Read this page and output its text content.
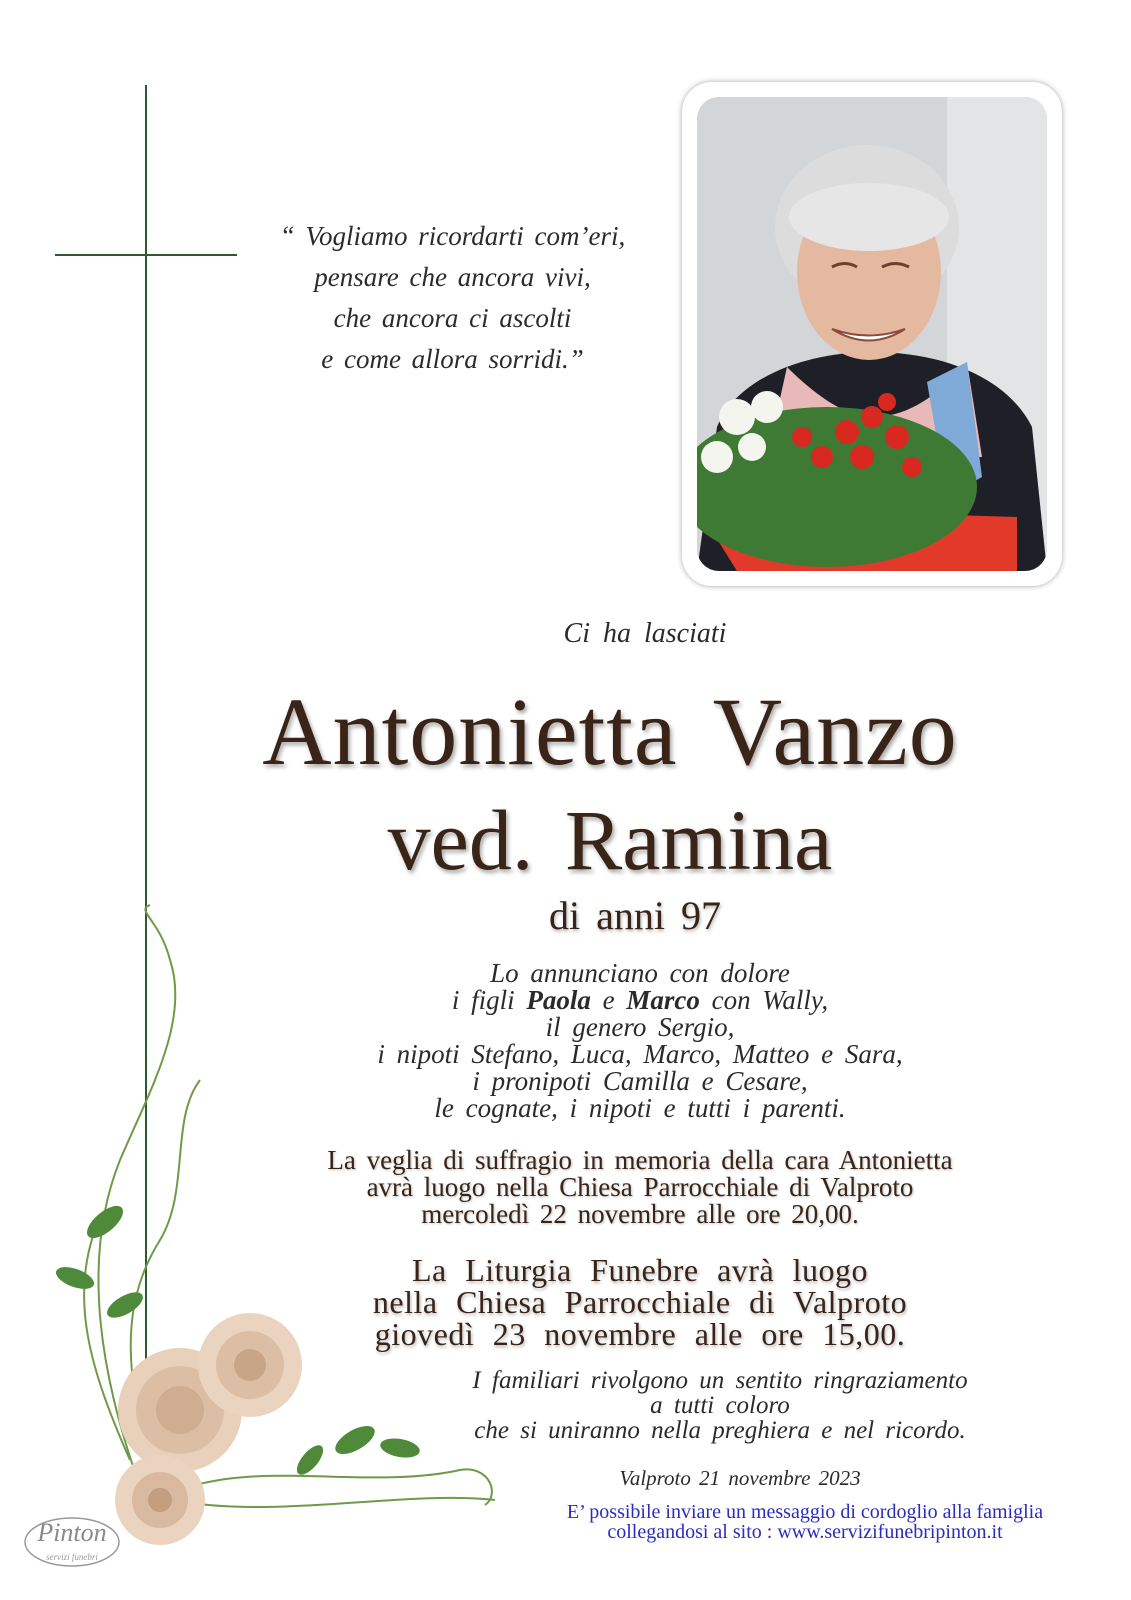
“ Vogliamo ricordarti com’eri,
pensare che ancora vivi,
che ancora ci ascolti
e come allora sorridi.”
Ci ha lasciati
Antonietta Vanzo
ved. Ramina
di anni 97
Lo annunciano con dolore
i figli Paola e Marco con Wally,
il genero Sergio,
i nipoti Stefano, Luca, Marco, Matteo e Sara,
i pronipoti Camilla e Cesare,
le cognate, i nipoti e tutti i parenti.
La veglia di suffragio in memoria della cara Antonietta
avrà luogo nella Chiesa Parrocchiale di Valproto
mercoledì 22 novembre alle ore 20,00.
La Liturgia Funebre avrà luogo
nella Chiesa Parrocchiale di Valproto
giovedì 23 novembre alle ore 15,00.
I familiari rivolgono un sentito ringraziamento
a tutti coloro
che si uniranno nella preghiera e nel ricordo.
Valproto 21 novembre 2023
E’ possibile inviare un messaggio di cordoglio alla famiglia
collegandosi al sito : www.servizifunebripinton.it
Pinton
servizi funebri
